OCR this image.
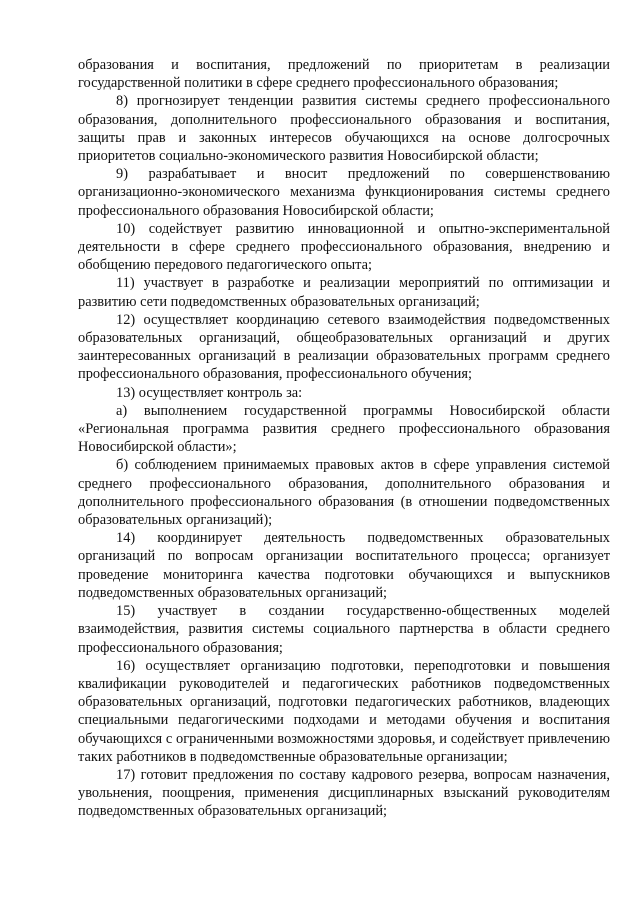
образования и воспитания, предложений по приоритетам в реализации государственной политики в сфере среднего профессионального образования;

8) прогнозирует тенденции развития системы среднего профессионального образования, дополнительного профессионального образования и воспитания, защиты прав и законных интересов обучающихся на основе долгосрочных приоритетов социально-экономического развития Новосибирской области;

9) разрабатывает и вносит предложений по совершенствованию организационно-экономического механизма функционирования системы среднего профессионального образования Новосибирской области;

10) содействует развитию инновационной и опытно-экспериментальной деятельности в сфере среднего профессионального образования, внедрению и обобщению передового педагогического опыта;

11) участвует в разработке и реализации мероприятий по оптимизации и развитию сети подведомственных образовательных организаций;

12) осуществляет координацию сетевого взаимодействия подведомственных образовательных организаций, общеобразовательных организаций и других заинтересованных организаций в реализации образовательных программ среднего профессионального образования, профессионального обучения;

13) осуществляет контроль за:

а) выполнением государственной программы Новосибирской области «Региональная программа развития среднего профессионального образования Новосибирской области»;

б) соблюдением принимаемых правовых актов в сфере управления системой среднего профессионального образования, дополнительного образования и дополнительного профессионального образования (в отношении подведомственных образовательных организаций);

14) координирует деятельность подведомственных образовательных организаций по вопросам организации воспитательного процесса; организует проведение мониторинга качества подготовки обучающихся и выпускников подведомственных образовательных организаций;

15) участвует в создании государственно-общественных моделей взаимодействия, развития системы социального партнерства в области среднего профессионального образования;

16) осуществляет организацию подготовки, переподготовки и повышения квалификации руководителей и педагогических работников подведомственных образовательных организаций, подготовки педагогических работников, владеющих специальными педагогическими подходами и методами обучения и воспитания обучающихся с ограниченными возможностями здоровья, и содействует привлечению таких работников в подведомственные образовательные организации;

17) готовит предложения по составу кадрового резерва, вопросам назначения, увольнения, поощрения, применения дисциплинарных взысканий руководителям подведомственных образовательных организаций;
